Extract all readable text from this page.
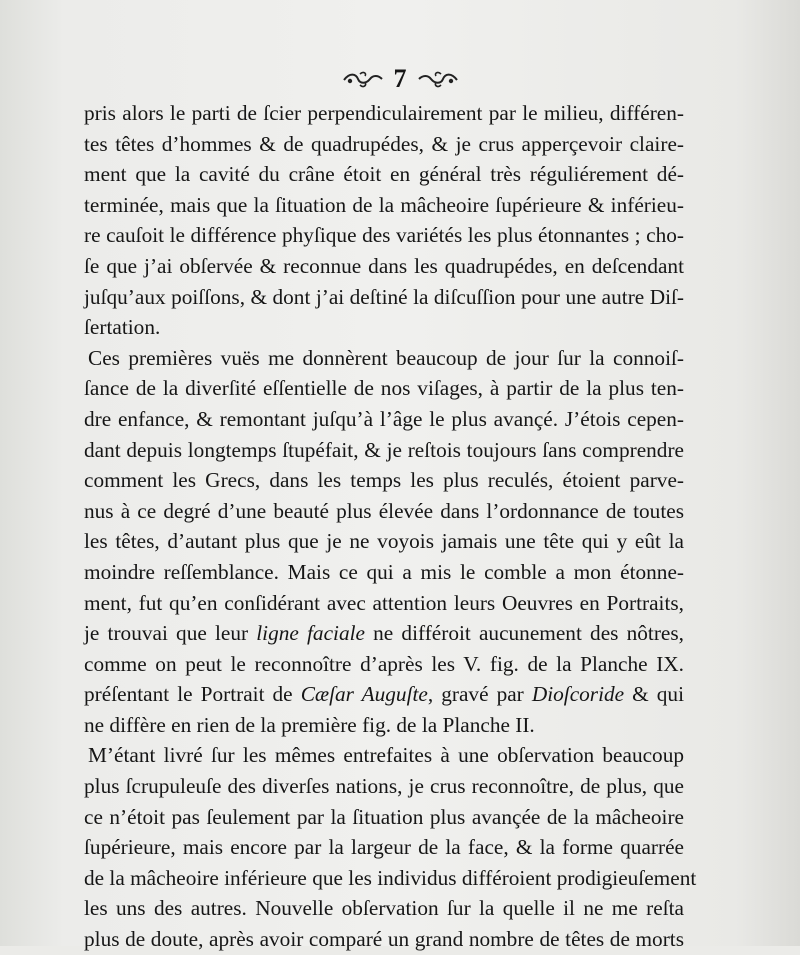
7
pris alors le parti de ſcier perpendiculairement par le milieu, différen-
tes têtes d’hommes & de quadrupédes, & je crus apperçevoir claire-
ment que la cavité du crâne étoit en général très réguliérement dé-
terminée, mais que la ſituation de la mâcheoire ſupérieure & inférieu-
re cauſoit le différence phyſique des variétés les plus étonnantes ; cho-
ſe que j’ai obſervée & reconnue dans les quadrupédes, en deſcendant
juſqu’aux poiſſons, & dont j’ai deſtiné la diſcuſſion pour une autre Diſ-
ſertation.
Ces premières vuës me donnèrent beaucoup de jour ſur la connoiſ-
ſance de la diverſité eſſentielle de nos viſages, à partir de la plus ten-
dre enfance, & remontant juſqu’à l’âge le plus avançé. J’étois cepen-
dant depuis longtemps ſtupéfait, & je reſtois toujours ſans comprendre
comment les Grecs, dans les temps les plus reculés, étoient parve-
nus à ce degré d’une beauté plus élevée dans l’ordonnance de toutes
les têtes, d’autant plus que je ne voyois jamais une tête qui y eût la
moindre reſſemblance. Mais ce qui a mis le comble a mon étonne-
ment, fut qu’en conſidérant avec attention leurs Oeuvres en Portraits,
je trouvai que leur ligne faciale ne différoit aucunement des nôtres,
comme on peut le reconnoître d’après les V. fig. de la Planche IX.
préſentant le Portrait de Cæſar Auguſte, gravé par Dioſcoride & qui
ne diffère en rien de la première fig. de la Planche II.
M’étant livré ſur les mêmes entrefaites à une obſervation beaucoup
plus ſcrupuleuſe des diverſes nations, je crus reconnoître, de plus, que
ce n’étoit pas ſeulement par la ſituation plus avançée de la mâcheoire
ſupérieure, mais encore par la largeur de la face, & la forme quarrée
de la mâcheoire inférieure que les individus différoient prodigieuſement
les uns des autres. Nouvelle obſervation ſur la quelle il ne me reſta
plus de doute, après avoir comparé un grand nombre de têtes de morts
